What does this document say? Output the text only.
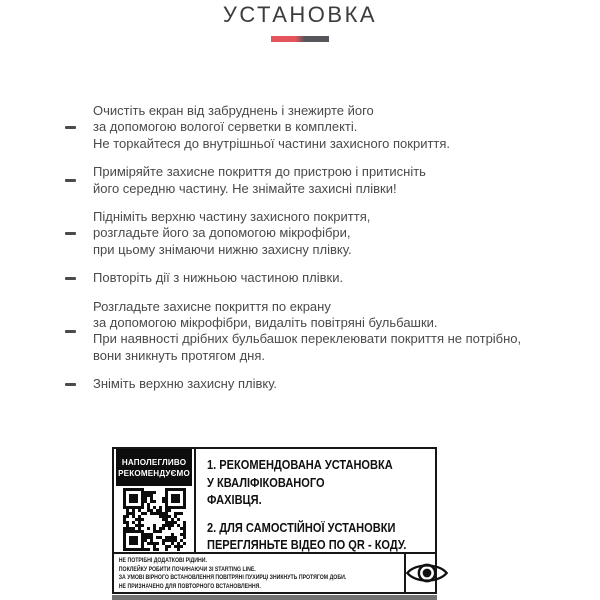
УСТАНОВКА

Очистіть екран від забруднень і знежирте його
за допомогою вологої серветки в комплекті.
Не торкайтеся до внутрішньої частини захисного покриття.

Приміряйте захисне покриття до пристрою і притисніть
його середню частину. Не знімайте захисні плівки!

Підніміть верхню частину захисного покриття,
розгладьте його за допомогою мікрофібри,
при цьому знімаючи нижню захисну плівку.

Повторіть дії з нижньою частиною плівки.

Розгладьте захисне покриття по екрану
за допомогою мікрофібри, видаліть повітряні бульбашки.
При наявності дрібних бульбашок переклеювати покриття не потрібно,
вони зникнуть протягом дня.

Зніміть верхню захисну плівку.

НАПОЛЕГЛИВО
РЕКОМЕНДУЄМО

1. РЕКОМЕНДОВАНА УСТАНОВКА
У КВАЛІФІКОВАНОГО
ФАХІВЦЯ.

2. ДЛЯ САМОСТІЙНОЇ УСТАНОВКИ
ПЕРЕГЛЯНЬТЕ ВІДЕО ПО QR - КОДУ.

НЕ ПОТРІБНІ ДОДАТКОВІ РІДИНИ.
ПОКЛЕЙКУ РОБИТИ ПОЧИНАЮЧИ ЗІ STARTING LINE.
ЗА УМОВІ ВІРНОГО ВСТАНОВЛЕННЯ ПОВІТРЯНІ ПУХИРЦІ ЗНИКНУТЬ ПРОТЯГОМ ДОБИ.
НЕ ПРИЗНАЧЕНО ДЛЯ ПОВТОРНОГО ВСТАНОВЛЕННЯ.
